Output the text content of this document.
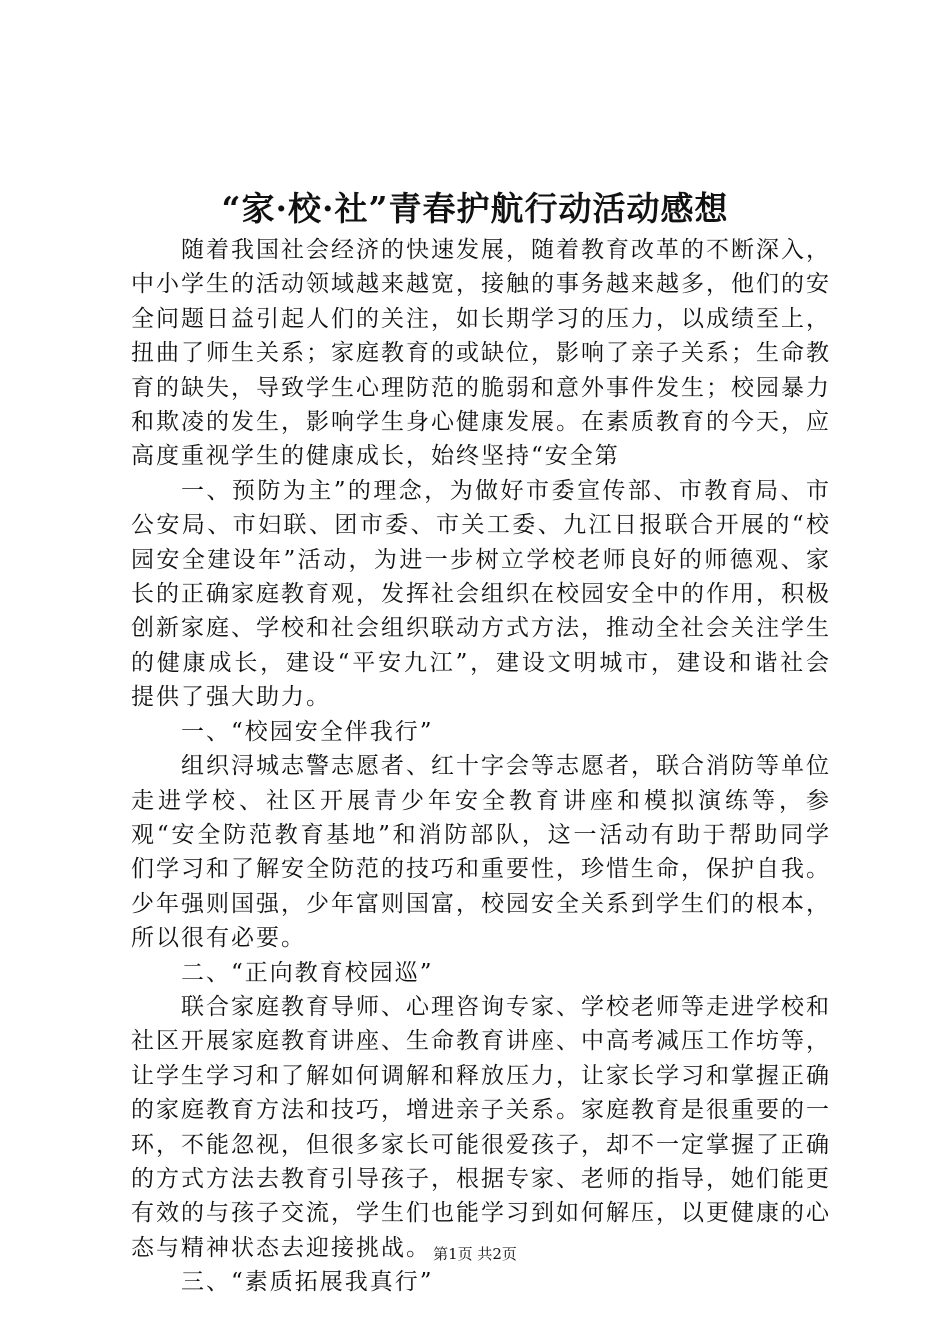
“家·校·社”青春护航行动活动感想

随着我国社会经济的快速发展，随着教育改革的不断深入，中小学生的活动领域越来越宽，接触的事务越来越多，他们的安全问题日益引起人们的关注，如长期学习的压力，以成绩至上，扭曲了师生关系；家庭教育的或缺位，影响了亲子关系；生命教育的缺失，导致学生心理防范的脆弱和意外事件发生；校园暴力和欺凌的发生，影响学生身心健康发展。在素质教育的今天，应高度重视学生的健康成长，始终坚持“安全第

一、预防为主”的理念，为做好市委宣传部、市教育局、市公安局、市妇联、团市委、市关工委、九江日报联合开展的“校园安全建设年”活动，为进一步树立学校老师良好的师德观、家长的正确家庭教育观，发挥社会组织在校园安全中的作用，积极创新家庭、学校和社会组织联动方式方法，推动全社会关注学生的健康成长，建设“平安九江”，建设文明城市，建设和谐社会提供了强大助力。

一、“校园安全伴我行”

组织浔城志警志愿者、红十字会等志愿者，联合消防等单位走进学校、社区开展青少年安全教育讲座和模拟演练等，参观“安全防范教育基地”和消防部队，这一活动有助于帮助同学们学习和了解安全防范的技巧和重要性，珍惜生命，保护自我。少年强则国强，少年富则国富，校园安全关系到学生们的根本，所以很有必要。

二、“正向教育校园巡”

联合家庭教育导师、心理咨询专家、学校老师等走进学校和社区开展家庭教育讲座、生命教育讲座、中高考减压工作坊等，让学生学习和了解如何调解和释放压力，让家长学习和掌握正确的家庭教育方法和技巧，增进亲子关系。家庭教育是很重要的一环，不能忽视，但很多家长可能很爱孩子，却不一定掌握了正确的方式方法去教育引导孩子，根据专家、老师的指导，她们能更有效的与孩子交流，学生们也能学习到如何解压，以更健康的心态与精神状态去迎接挑战。

三、“素质拓展我真行”

第1页 共2页
